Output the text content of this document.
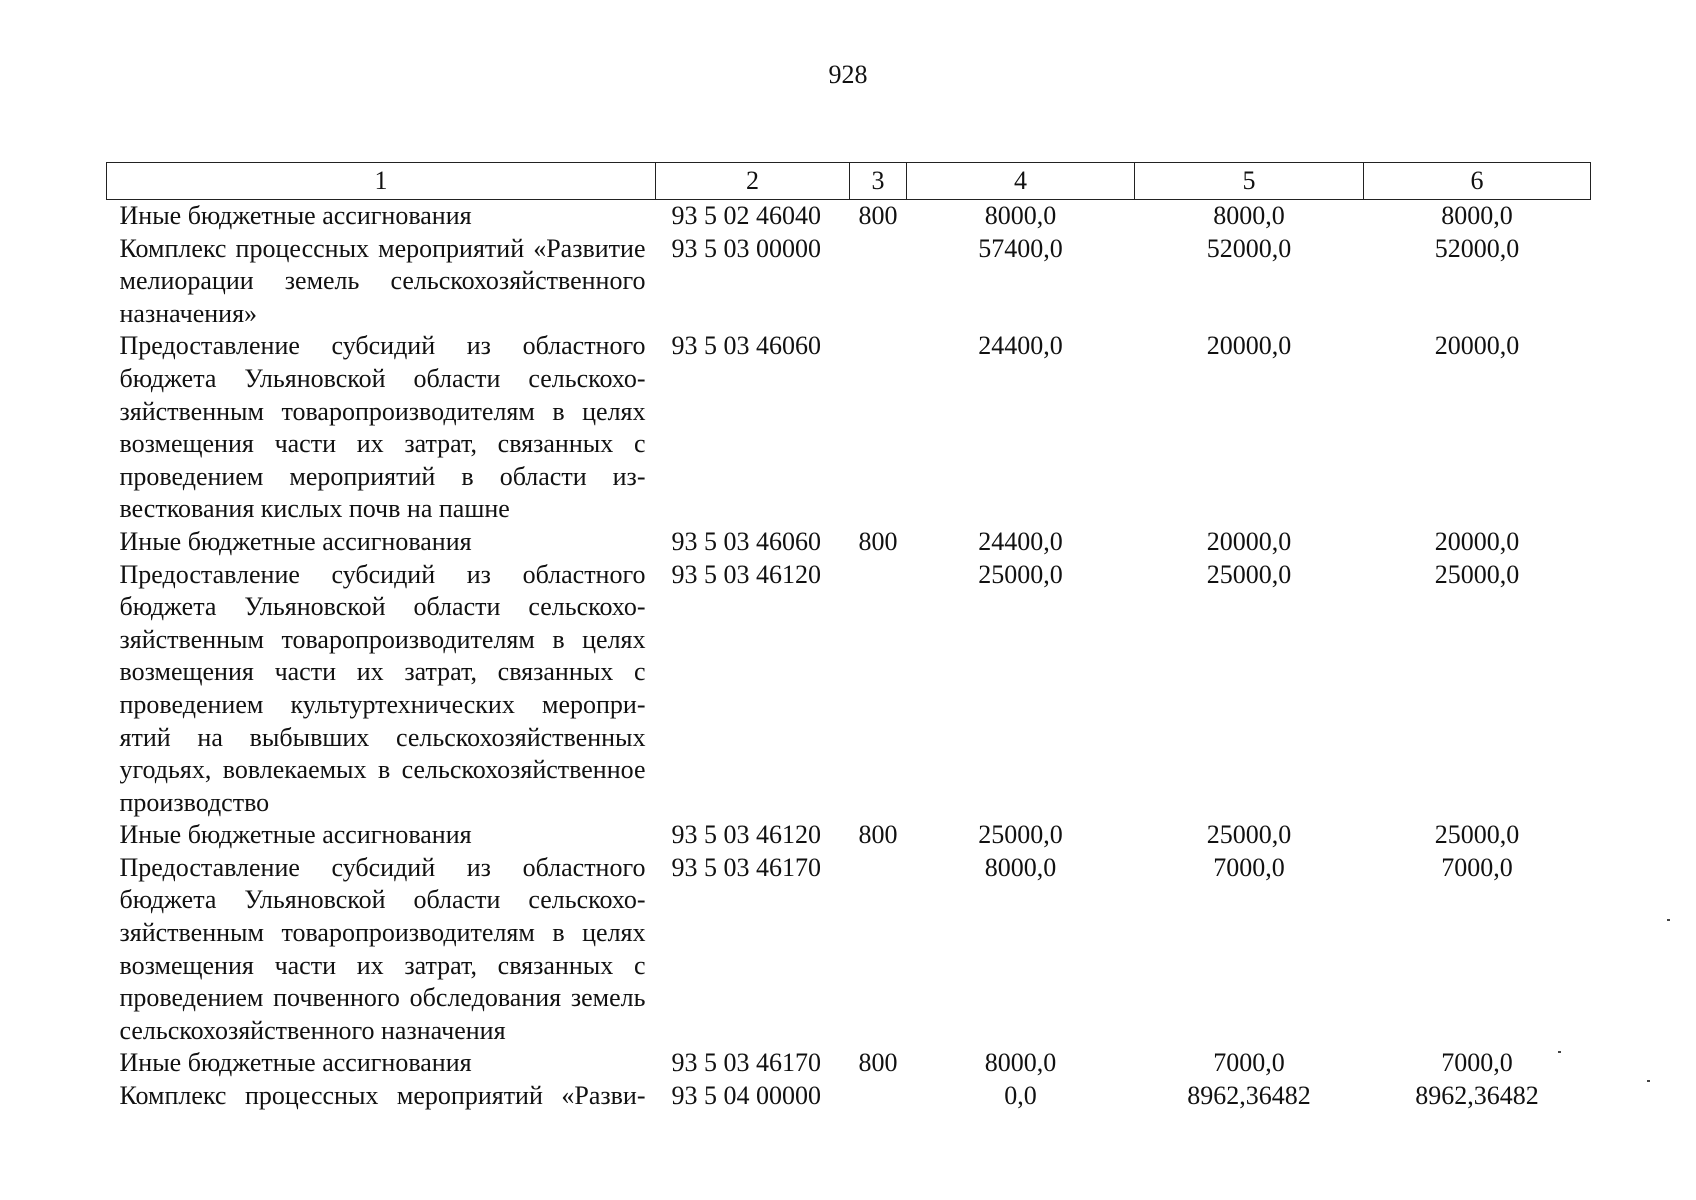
928
1	2	3	4	5	6
Иные бюджетные ассигнования	93 5 02 46040	800	8000,0	8000,0	8000,0
Комплекс процессных мероприятий «Развитие мелиорации земель сельскохозяйственного назначения»	93 5 03 00000		57400,0	52000,0	52000,0
Предоставление субсидий из областного бюджета Ульяновской области сельскохозяйственным товаропроизводителям в целях возмещения части их затрат, связанных с проведением мероприятий в области известкования кислых почв на пашне	93 5 03 46060		24400,0	20000,0	20000,0
Иные бюджетные ассигнования	93 5 03 46060	800	24400,0	20000,0	20000,0
Предоставление субсидий из областного бюджета Ульяновской области сельскохозяйственным товаропроизводителям в целях возмещения части их затрат, связанных с проведением культуртехнических мероприятий на выбывших сельскохозяйственных угодьях, вовлекаемых в сельскохозяйственное производство	93 5 03 46120		25000,0	25000,0	25000,0
Иные бюджетные ассигнования	93 5 03 46120	800	25000,0	25000,0	25000,0
Предоставление субсидий из областного бюджета Ульяновской области сельскохозяйственным товаропроизводителям в целях возмещения части их затрат, связанных с проведением почвенного обследования земель сельскохозяйственного назначения	93 5 03 46170		8000,0	7000,0	7000,0
Иные бюджетные ассигнования	93 5 03 46170	800	8000,0	7000,0	7000,0
Комплекс процессных мероприятий «Разви-	93 5 04 00000		0,0	8962,36482	8962,36482
